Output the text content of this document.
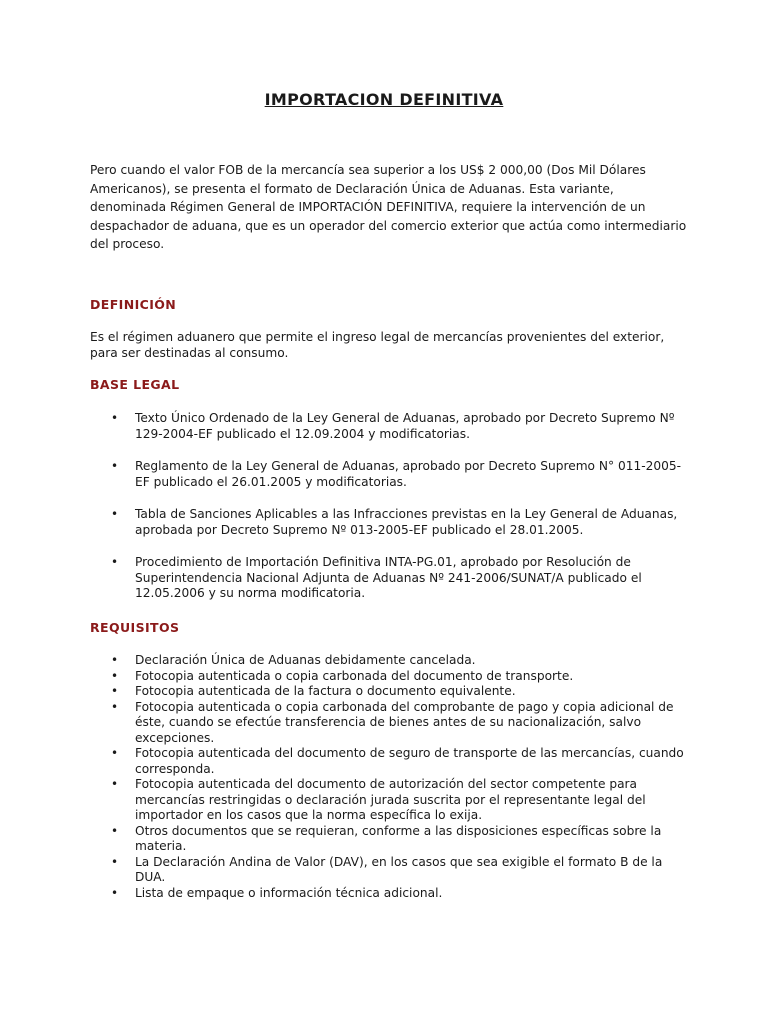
IMPORTACION DEFINITIVA

Pero cuando el valor FOB de la mercancía sea superior a los US$ 2 000,00 (Dos Mil Dólares Americanos), se presenta el formato de Declaración Única de Aduanas. Esta variante, denominada Régimen General de IMPORTACIÓN DEFINITIVA, requiere la intervención de un despachador de aduana, que es un operador del comercio exterior que actúa como intermediario del proceso.

DEFINICIÓN

Es el régimen aduanero que permite el ingreso legal de mercancías provenientes del exterior, para ser destinadas al consumo.

BASE LEGAL
• Texto Único Ordenado de la Ley General de Aduanas, aprobado por Decreto Supremo Nº 129-2004-EF publicado el 12.09.2004 y modificatorias.
• Reglamento de la Ley General de Aduanas, aprobado por Decreto Supremo N° 011-2005-EF publicado el 26.01.2005 y modificatorias.
• Tabla de Sanciones Aplicables a las Infracciones previstas en la Ley General de Aduanas, aprobada por Decreto Supremo Nº 013-2005-EF publicado el 28.01.2005.
• Procedimiento de Importación Definitiva INTA-PG.01, aprobado por Resolución de Superintendencia Nacional Adjunta de Aduanas Nº 241-2006/SUNAT/A publicado el 12.05.2006 y su norma modificatoria.
REQUISITOS
• Declaración Única de Aduanas debidamente cancelada.
• Fotocopia autenticada o copia carbonada del documento de transporte.
• Fotocopia autenticada de la factura o documento equivalente.
• Fotocopia autenticada o copia carbonada del comprobante de pago y copia adicional de éste, cuando se efectúe transferencia de bienes antes de su nacionalización, salvo excepciones.
• Fotocopia autenticada del documento de seguro de transporte de las mercancías, cuando corresponda.
• Fotocopia autenticada del documento de autorización del sector competente para mercancías restringidas o declaración jurada suscrita por el representante legal del importador en los casos que la norma específica lo exija.
• Otros documentos que se requieran, conforme a las disposiciones específicas sobre la materia.
• La Declaración Andina de Valor (DAV), en los casos que sea exigible el formato B de la DUA.
• Lista de empaque o información técnica adicional.
